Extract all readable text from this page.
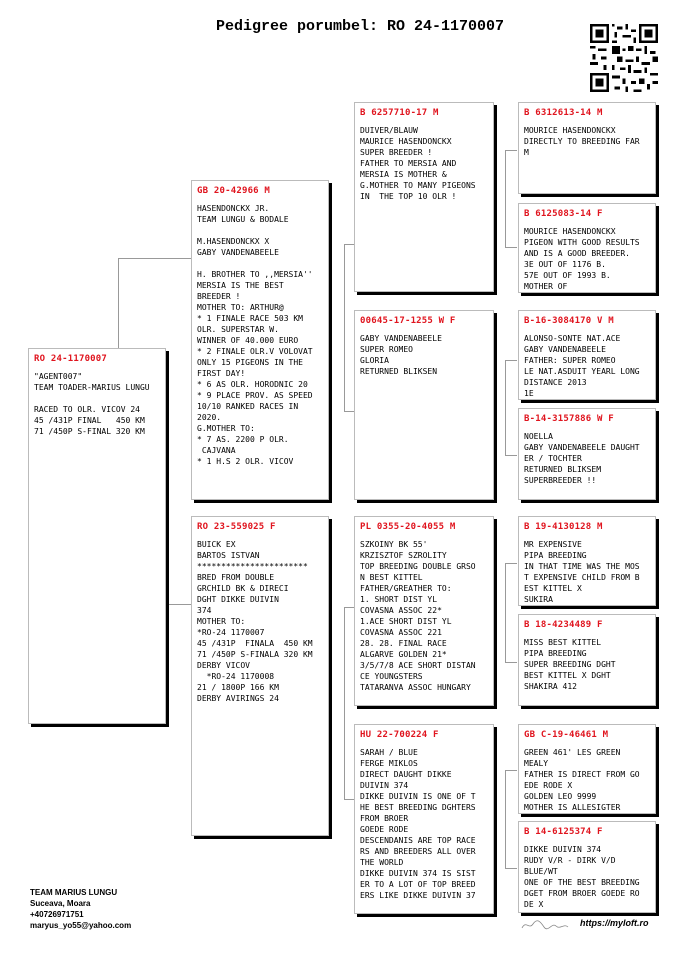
Pedigree porumbel: RO 24-1170007
RO 24-1170007
"AGENT007"
TEAM TOADER-MARIUS LUNGU

RACED TO OLR. VICOV 24
45 /431P FINAL   450 KM
71 /450P S-FINAL 320 KM
GB 20-42966 M
HASENDONCKX JR.
TEAM LUNGU & BODALE

M.HASENDONCKX X
GABY VANDENABEELE

H. BROTHER TO ,,MERSIA''
MERSIA IS THE BEST
BREEDER !
MOTHER TO: ARTHUR@
* 1 FINALE RACE 503 KM
OLR. SUPERSTAR W.
WINNER OF 40.000 EURO
* 2 FINALE OLR.V VOLOVAT
ONLY 15 PIGEONS IN THE
FIRST DAY!
* 6 AS OLR. HORODNIC 20
* 9 PLACE PROV. AS SPEED
10/10 RANKED RACES IN
2020.
G.MOTHER TO:
* 7 AS. 2200 P OLR.
CAJVANA
* 1 H.S 2 OLR. VICOV
RO 23-559025 F
BUICK EX
BARTOS ISTVAN
***********************
BRED FROM DOUBLE
GRCHILD BK & DIRECI
DGHT DIKKE DUIVIN
374
MOTHER TO:
*RO-24 1170007
45 /431P  FINALA  450 KM
71 /450P S-FINALA 320 KM
DERBY VICOV
*RO-24 1170008
21 / 1800P 166 KM
DERBY AVIRINGS 24
B 6257710-17 M
DUIVER/BLAUW
MAURICE HASENDONCKX
SUPER BREEDER !
FATHER TO MERSIA AND
MERSIA IS MOTHER &
G.MOTHER TO MANY PIGEONS
IN  THE TOP 10 OLR !
00645-17-1255 W F
GABY VANDENABEELE
SUPER ROMEO
GLORIA
RETURNED BLIKSEN
PL 0355-20-4055 M
SZKOINY BK 55'
KRZISZTOF SZROLITY
TOP BREEDING DOUBLE GRSO
N BEST KITTEL
FATHER/GREATHER TO:
1. SHORT DIST YL
COVASNA ASSOC 22*
1.ACE SHORT DIST YL
COVASNA ASSOC 221
28. 28. FINAL RACE
ALGARVE GOLDEN 21*
3/5/7/8 ACE SHORT DISTAN
CE YOUNGSTERS
TATARANVA ASSOC HUNGARY
HU 22-700224 F
SARAH / BLUE
FERGE MIKLOS
DIRECT DAUGHT DIKKE
DUIVIN 374
DIKKE DUIVIN IS ONE OF T
HE BEST BREEDING DGHTERS
FROM BROER
GOEDE RODE
DESCENDANIS ARE TOP RACE
RS AND BREEDERS ALL OVER
THE WORLD
DIKKE DUIVIN 374 IS SIST
ER TO A LOT OF TOP BREED
ERS LIKE DIKKE DUIVIN 37
B 6312613-14 M
MOURICE HASENDONCKX
DIRECTLY TO BREEDING FAR
M
B 6125083-14 F
MOURICE HASENDONCKX
PIGEON WITH GOOD RESULTS
AND IS A GOOD BREEDER.
3E OUT OF 1176 B.
57E OUT OF 1993 B.
MOTHER OF
B-16-3084170 V M
ALONSO-SONTE NAT.ACE
GABY VANDENABEELE
FATHER: SUPER ROMEO
LE NAT.ASDUIT YEARL LONG
DISTANCE 2013
1E
B-14-3157886 W F
NOELLA
GABY VANDENABEELE DAUGHT
ER / TOCHTER
RETURNED BLIKSEM
SUPERBREEDER !!
B 19-4130128 M
MR EXPENSIVE
PIPA BREEDING
IN THAT TIME WAS THE MOS
T EXPENSIVE CHILD FROM B
EST KITTEL X
SUKIRA
B 18-4234489 F
MISS BEST KITTEL
PIPA BREEDING
SUPER BREEDING DGHT
BEST KITTEL X DGHT
SHAKIRA 412
GB C-19-46461 M
GREEN 461' LES GREEN
MEALY
FATHER IS DIRECT FROM GO
EDE RODE X
GOLDEN LEO 9999
MOTHER IS ALLESIGTER
B 14-6125374 F
DIKKE DUIVIN 374
RUDY V/R - DIRK V/D
BLUE/WT
ONE OF THE BEST BREEDING
DGET FROM BROER GOEDE RO
DE X
TEAM MARIUS LUNGU
Suceava, Moara
+40726971751
maryus_yo55@yahoo.com	https://myloft.ro
